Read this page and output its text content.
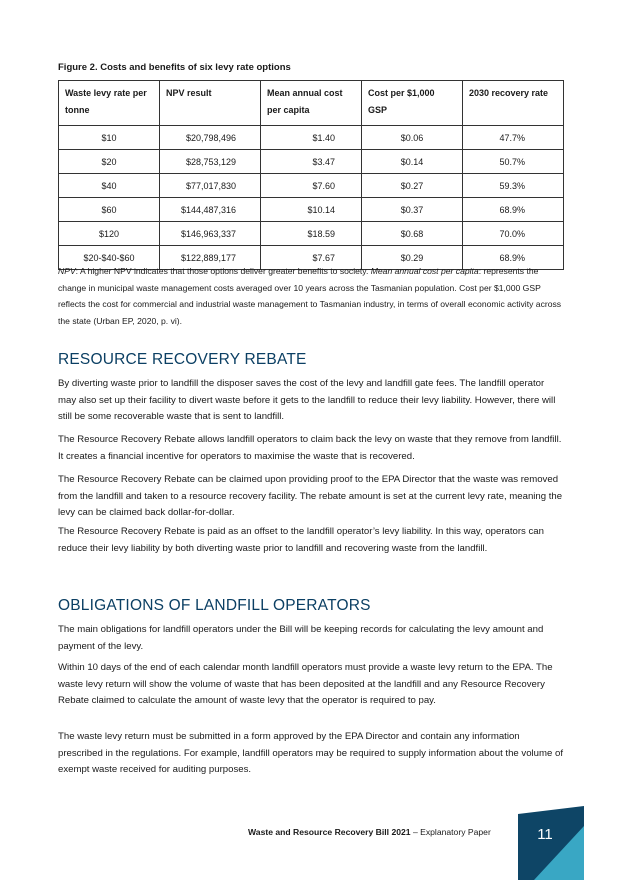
Figure 2. Costs and benefits of six levy rate options
Waste levy rate per tonne	NPV result	Mean annual cost per capita	Cost per $1,000 GSP	2030 recovery rate
$10	$20,798,496	$1.40	$0.06	47.7%
$20	$28,753,129	$3.47	$0.14	50.7%
$40	$77,017,830	$7.60	$0.27	59.3%
$60	$144,487,316	$10.14	$0.37	68.9%
$120	$146,963,337	$18.59	$0.68	70.0%
$20-$40-$60	$122,889,177	$7.67	$0.29	68.9%
NPV: A higher NPV indicates that those options deliver greater benefits to society. Mean annual cost per capita: represents the change in municipal waste management costs averaged over 10 years across the Tasmanian population. Cost per $1,000 GSP reflects the cost for commercial and industrial waste management to Tasmanian industry, in terms of overall economic activity across the state (Urban EP, 2020, p. vi).
RESOURCE RECOVERY REBATE

By diverting waste prior to landfill the disposer saves the cost of the levy and landfill gate fees. The landfill operator may also set up their facility to divert waste before it gets to the landfill to reduce their levy liability. However, there will still be some recoverable waste that is sent to landfill.

The Resource Recovery Rebate allows landfill operators to claim back the levy on waste that they remove from landfill. It creates a financial incentive for operators to maximise the waste that is recovered.

The Resource Recovery Rebate can be claimed upon providing proof to the EPA Director that the waste was removed from the landfill and taken to a resource recovery facility. The rebate amount is set at the current levy rate, meaning the levy can be claimed back dollar-for-dollar.

The Resource Recovery Rebate is paid as an offset to the landfill operator’s levy liability. In this way, operators can reduce their levy liability by both diverting waste prior to landfill and recovering waste from the landfill.

OBLIGATIONS OF LANDFILL OPERATORS

The main obligations for landfill operators under the Bill will be keeping records for calculating the levy amount and payment of the levy.

Within 10 days of the end of each calendar month landfill operators must provide a waste levy return to the EPA. The waste levy return will show the volume of waste that has been deposited at the landfill and any Resource Recovery Rebate claimed to calculate the amount of waste levy that the operator is required to pay.

The waste levy return must be submitted in a form approved by the EPA Director and contain any information prescribed in the regulations. For example, landfill operators may be required to supply information about the volume of exempt waste received for auditing purposes.

Waste and Resource Recovery Bill 2021 – Explanatory Paper	11
